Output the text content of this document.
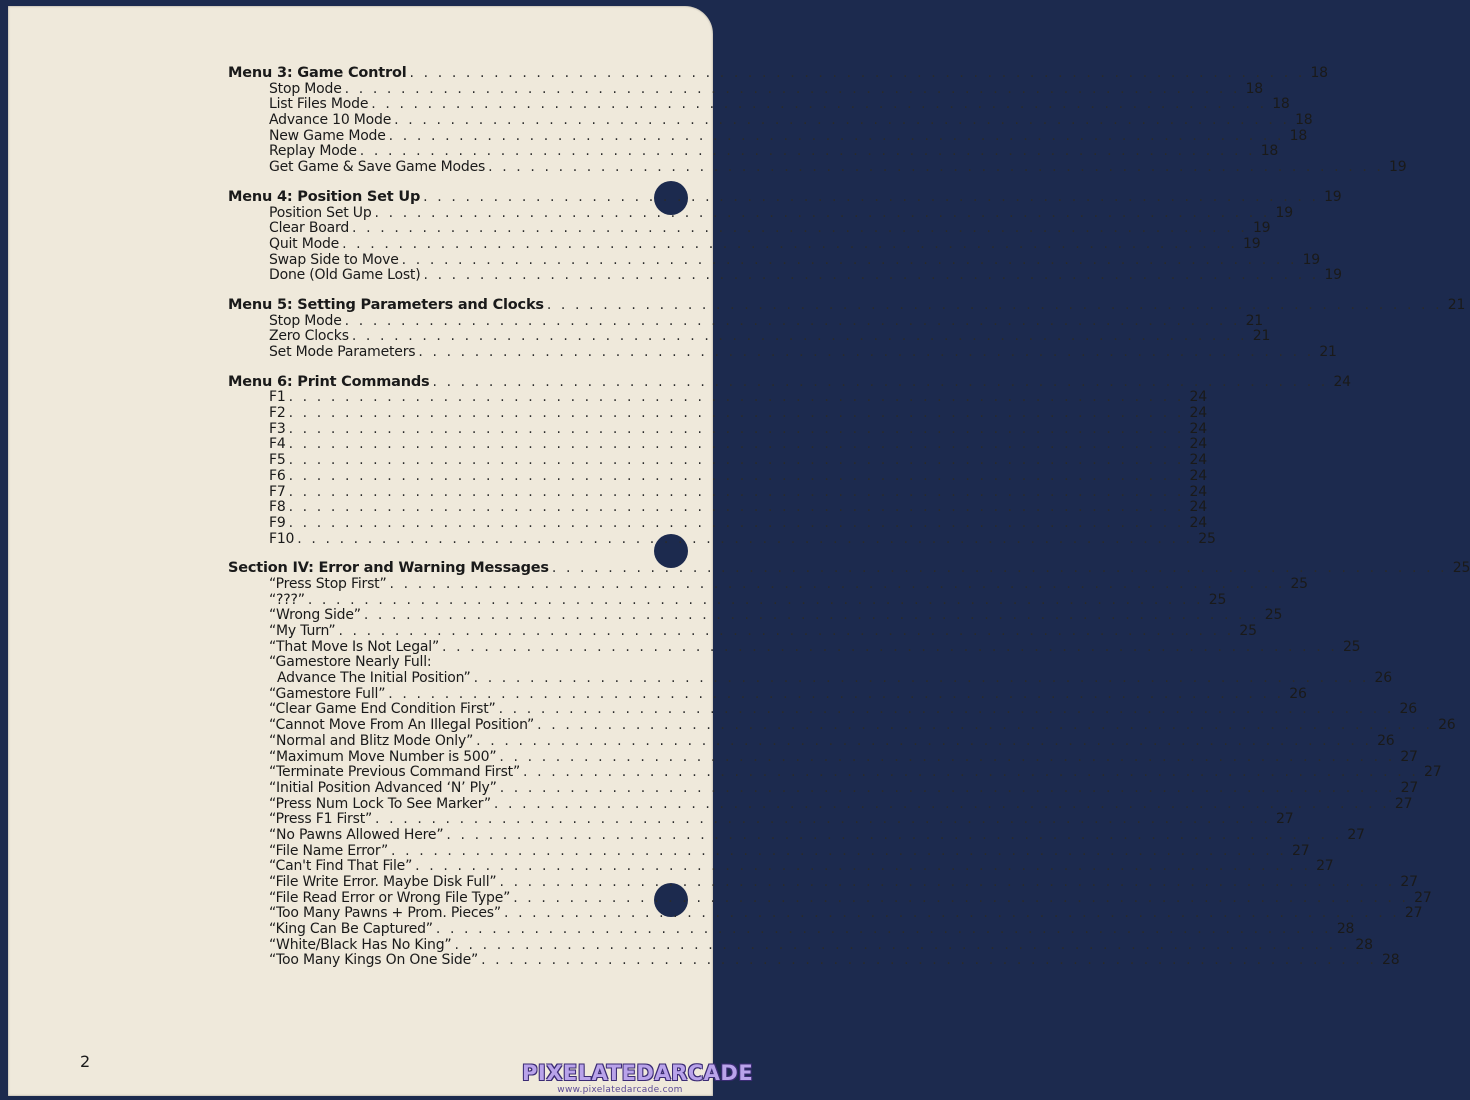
Menu 3: Game Control . . .	18
Stop Mode . . .	18
List Files Mode . . .	18
Advance 10 Mode . . .	18
New Game Mode . . .	18
Replay Mode . . .	18
Get Game & Save Game Modes . . .	19
Menu 4: Position Set Up . . .	19
Position Set Up . . .	19
Clear Board . . .	19
Quit Mode . . .	19
Swap Side to Move . . .	19
Done (Old Game Lost) . . .	19
Menu 5: Setting Parameters and Clocks . . .	21
Stop Mode . . .	21
Zero Clocks . . .	21
Set Mode Parameters . . .	21
Menu 6: Print Commands . . .	24
F1 . . .	24
F2 . . .	24
F3 . . .	24
F4 . . .	24
F5 . . .	24
F6 . . .	24
F7 . . .	24
F8 . . .	24
F9 . . .	24
F10 . . .	25
Section IV: Error and Warning Messages . . .	25
“Press Stop First” . . .	25
“???” . . .	25
“Wrong Side” . . .	25
“My Turn” . . .	25
“That Move Is Not Legal” . . .	25
“Gamestore Nearly Full:
Advance The Initial Position” . . .	26
“Gamestore Full” . . .	26
“Clear Game End Condition First” . . .	26
“Cannot Move From An Illegal Position” . . .	26
“Normal and Blitz Mode Only” . . .	26
“Maximum Move Number is 500” . . .	27
“Terminate Previous Command First” . . .	27
“Initial Position Advanced ‘N’ Ply” . . .	27
“Press Num Lock To See Marker” . . .	27
“Press F1 First” . . .	27
“No Pawns Allowed Here” . . .	27
“File Name Error” . . .	27
“Can't Find That File” . . .	27
“File Write Error. Maybe Disk Full” . . .	27
“File Read Error or Wrong File Type” . . .	27
“Too Many Pawns + Prom. Pieces” . . .	27
“King Can Be Captured” . . .	28
“White/Black Has No King” . . .	28
“Too Many Kings On One Side” . . .	28
2	PIXELATEDARCADE
www.pixelatedarcade.com
